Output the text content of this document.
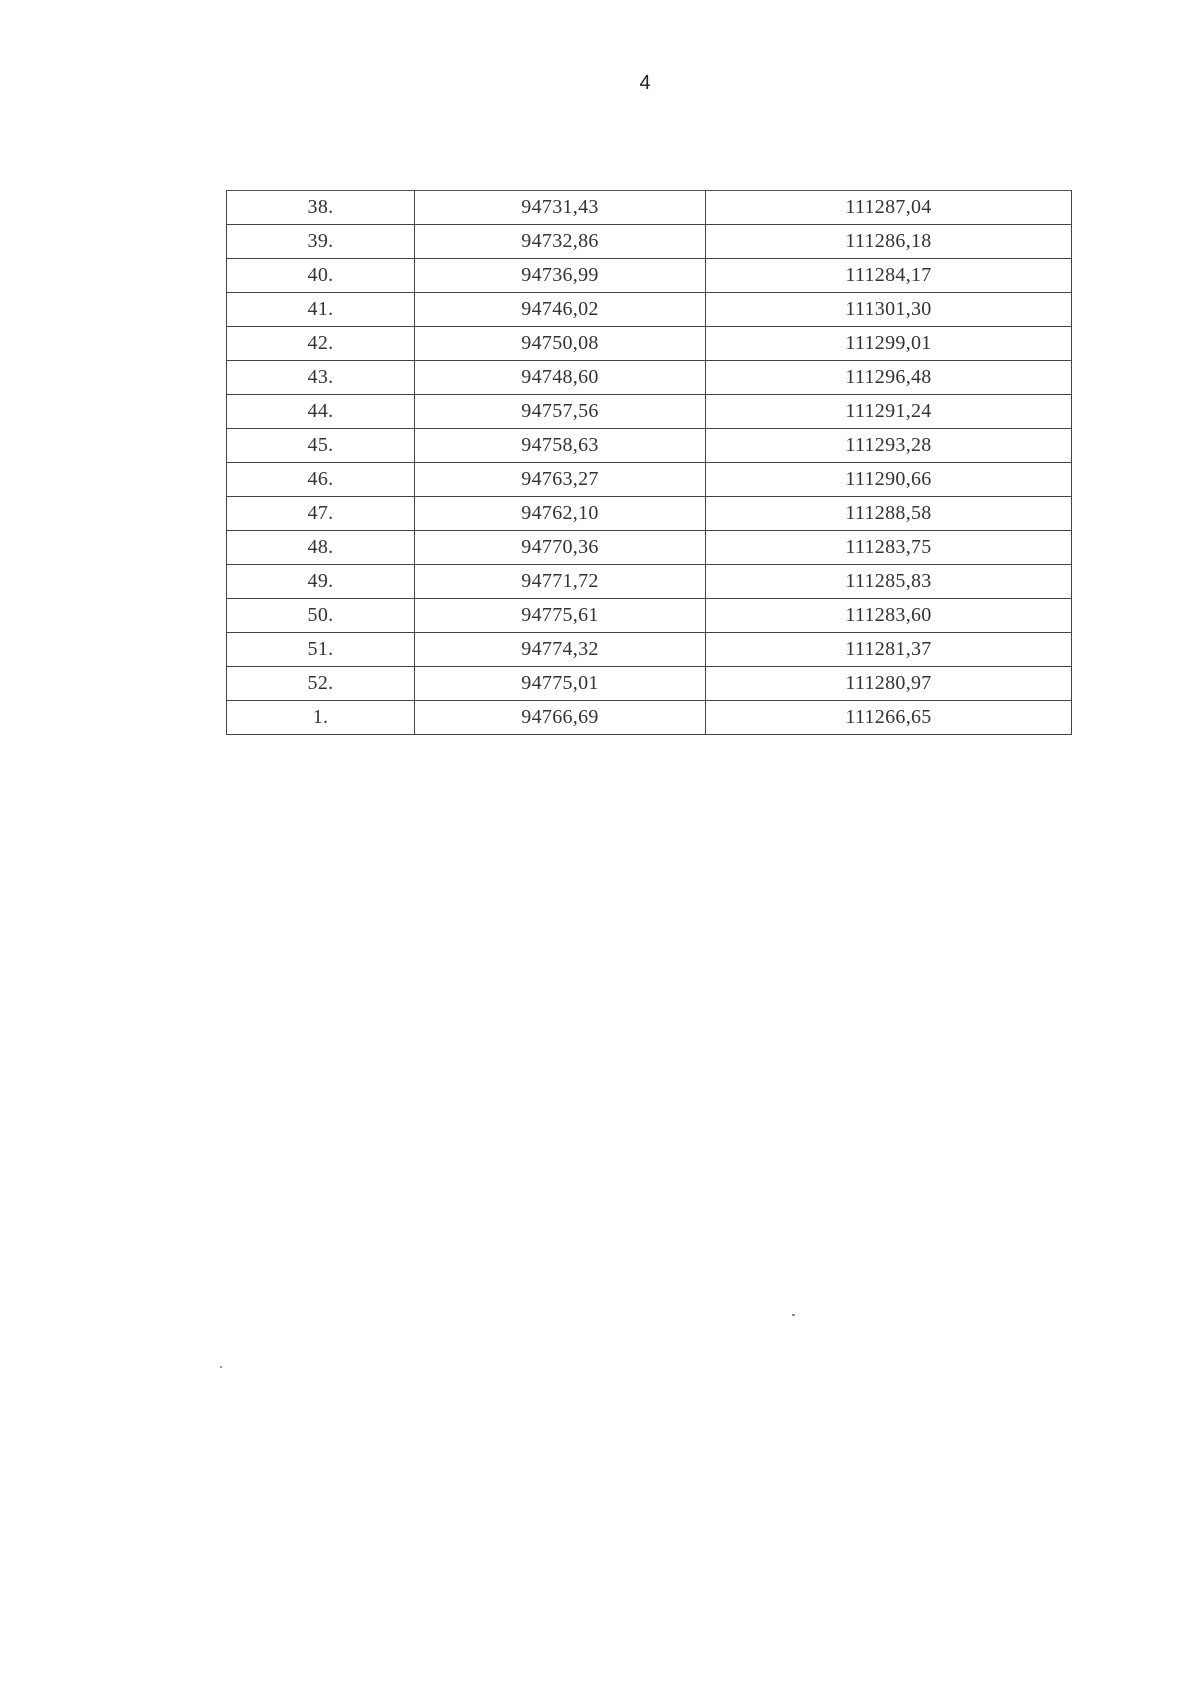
4
38.	94731,43	111287,04
39.	94732,86	111286,18
40.	94736,99	111284,17
41.	94746,02	111301,30
42.	94750,08	111299,01
43.	94748,60	111296,48
44.	94757,56	111291,24
45.	94758,63	111293,28
46.	94763,27	111290,66
47.	94762,10	111288,58
48.	94770,36	111283,75
49.	94771,72	111285,83
50.	94775,61	111283,60
51.	94774,32	111281,37
52.	94775,01	111280,97
1.	94766,69	111266,65
